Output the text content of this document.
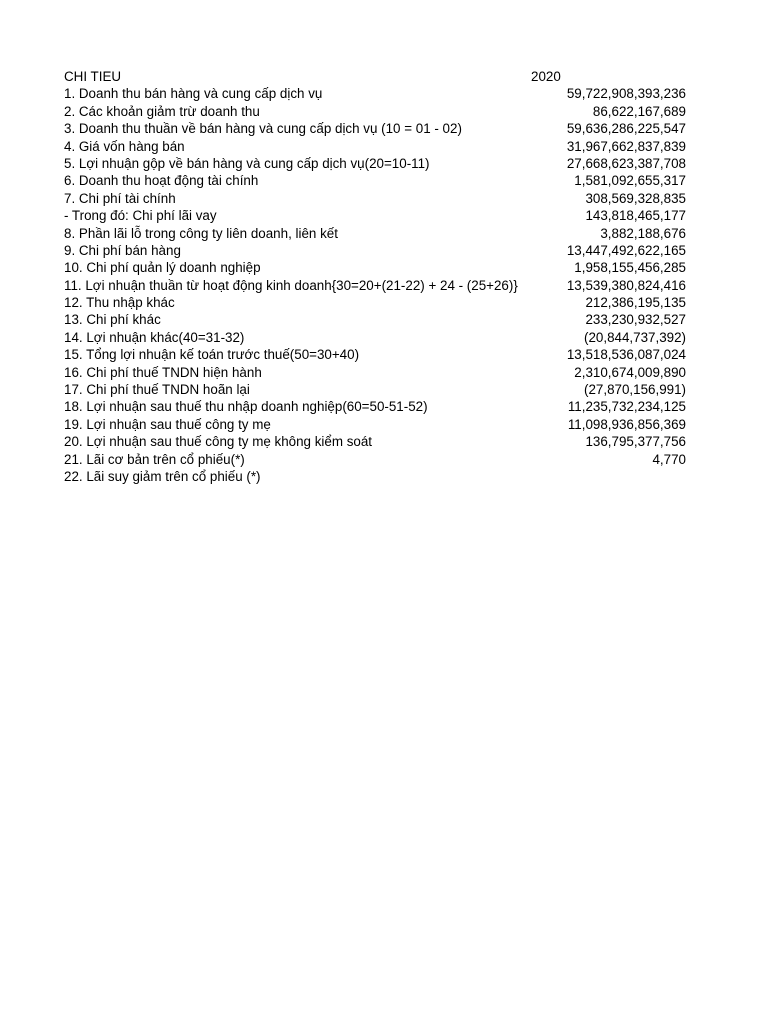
CHI TIEU	2020
1. Doanh thu bán hàng và cung cấp dịch vụ	59,722,908,393,236
2. Các khoản giảm trừ doanh thu	86,622,167,689
3. Doanh thu thuần về bán hàng và cung cấp dịch vụ (10 = 01 - 02)	59,636,286,225,547
4. Giá vốn hàng bán	31,967,662,837,839
5. Lợi nhuận gộp về bán hàng và cung cấp dịch vụ(20=10-11)	27,668,623,387,708
6. Doanh thu hoạt động tài chính	1,581,092,655,317
7. Chi phí tài chính	308,569,328,835
- Trong đó: Chi phí lãi vay	143,818,465,177
8. Phần lãi lỗ trong công ty liên doanh, liên kết	3,882,188,676
9. Chi phí bán hàng	13,447,492,622,165
10. Chi phí quản lý doanh nghiệp	1,958,155,456,285
11. Lợi nhuận thuần từ hoạt động kinh doanh{30=20+(21-22) + 24 - (25+26)}	13,539,380,824,416
12. Thu nhập khác	212,386,195,135
13. Chi phí khác	233,230,932,527
14. Lợi nhuận khác(40=31-32)	(20,844,737,392)
15. Tổng lợi nhuận kế toán trước thuế(50=30+40)	13,518,536,087,024
16. Chi phí thuế TNDN hiện hành	2,310,674,009,890
17. Chi phí thuế TNDN hoãn lại	(27,870,156,991)
18. Lợi nhuận sau thuế thu nhập doanh nghiệp(60=50-51-52)	11,235,732,234,125
19. Lợi nhuận sau thuế công ty mẹ	11,098,936,856,369
20. Lợi nhuận sau thuế công ty mẹ không kiểm soát	136,795,377,756
21. Lãi cơ bản trên cổ phiếu(*)	4,770
22. Lãi suy giảm trên cổ phiếu (*)
